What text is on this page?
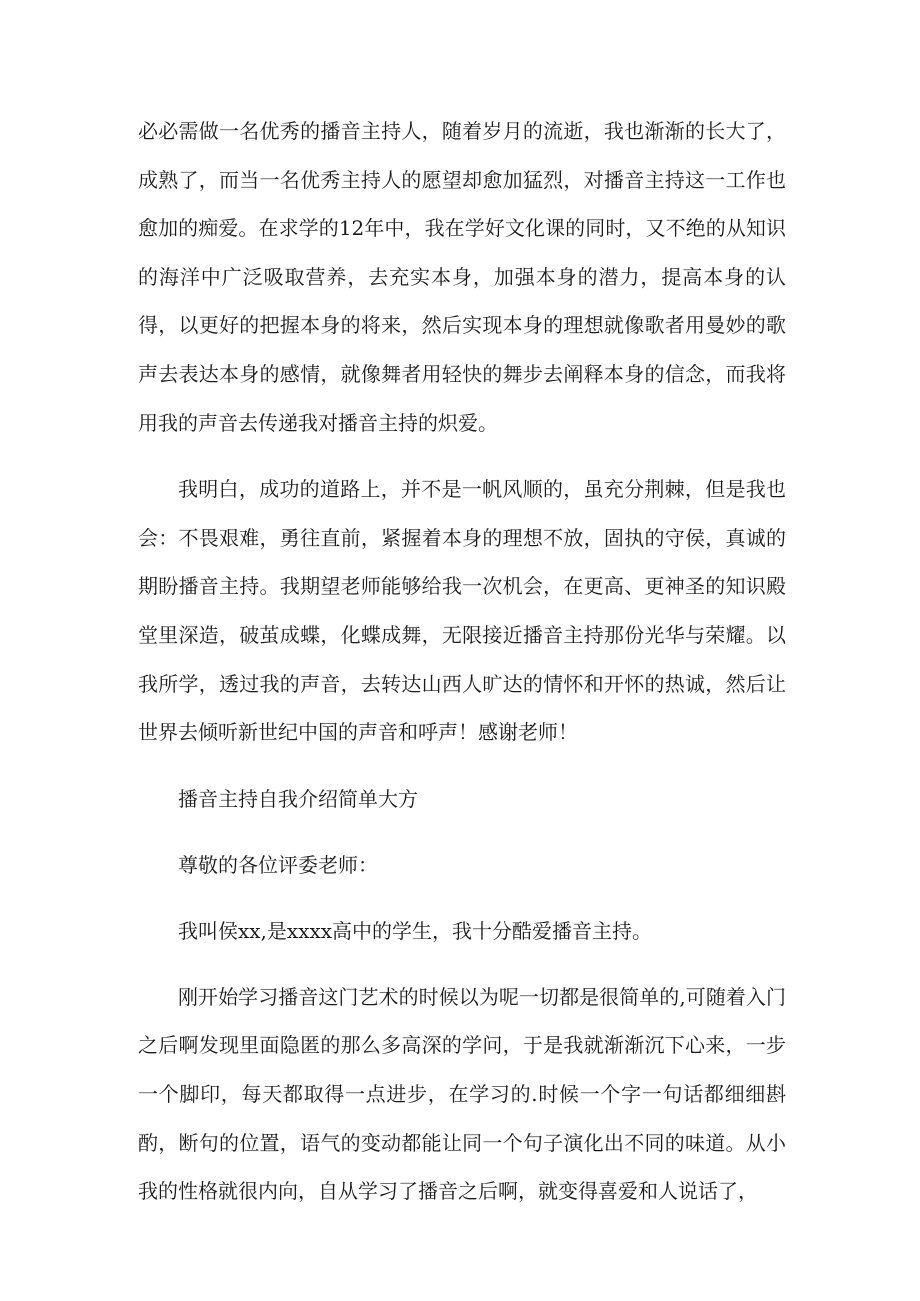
必必需做一名优秀的播音主持人，随着岁月的流逝，我也渐渐的长大了，成熟了，而当一名优秀主持人的愿望却愈加猛烈，对播音主持这一工作也愈加的痴爱。在求学的12年中，我在学好文化课的同时，又不绝的从知识的海洋中广泛吸取营养，去充实本身，加强本身的潜力，提高本身的认得，以更好的把握本身的将来，然后实现本身的理想就像歌者用曼妙的歌声去表达本身的感情，就像舞者用轻快的舞步去阐释本身的信念，而我将用我的声音去传递我对播音主持的炽爱。

我明白，成功的道路上，并不是一帆风顺的，虽充分荆棘，但是我也会：不畏艰难，勇往直前，紧握着本身的理想不放，固执的守侯，真诚的期盼播音主持。我期望老师能够给我一次机会，在更高、更神圣的知识殿堂里深造，破茧成蝶，化蝶成舞，无限接近播音主持那份光华与荣耀。以我所学，透过我的声音，去转达山西人旷达的情怀和开怀的热诚，然后让世界去倾听新世纪中国的声音和呼声！感谢老师！

播音主持自我介绍简单大方

尊敬的各位评委老师：

我叫侯xx,是xxxx高中的学生，我十分酷爱播音主持。

刚开始学习播音这门艺术的时候以为呢一切都是很简单的,可随着入门之后啊发现里面隐匿的那么多高深的学问，于是我就渐渐沉下心来，一步一个脚印，每天都取得一点进步，在学习的.时候一个字一句话都细细斟酌，断句的位置，语气的变动都能让同一个句子演化出不同的味道。从小我的性格就很内向，自从学习了播音之后啊，就变得喜爱和人说话了，
